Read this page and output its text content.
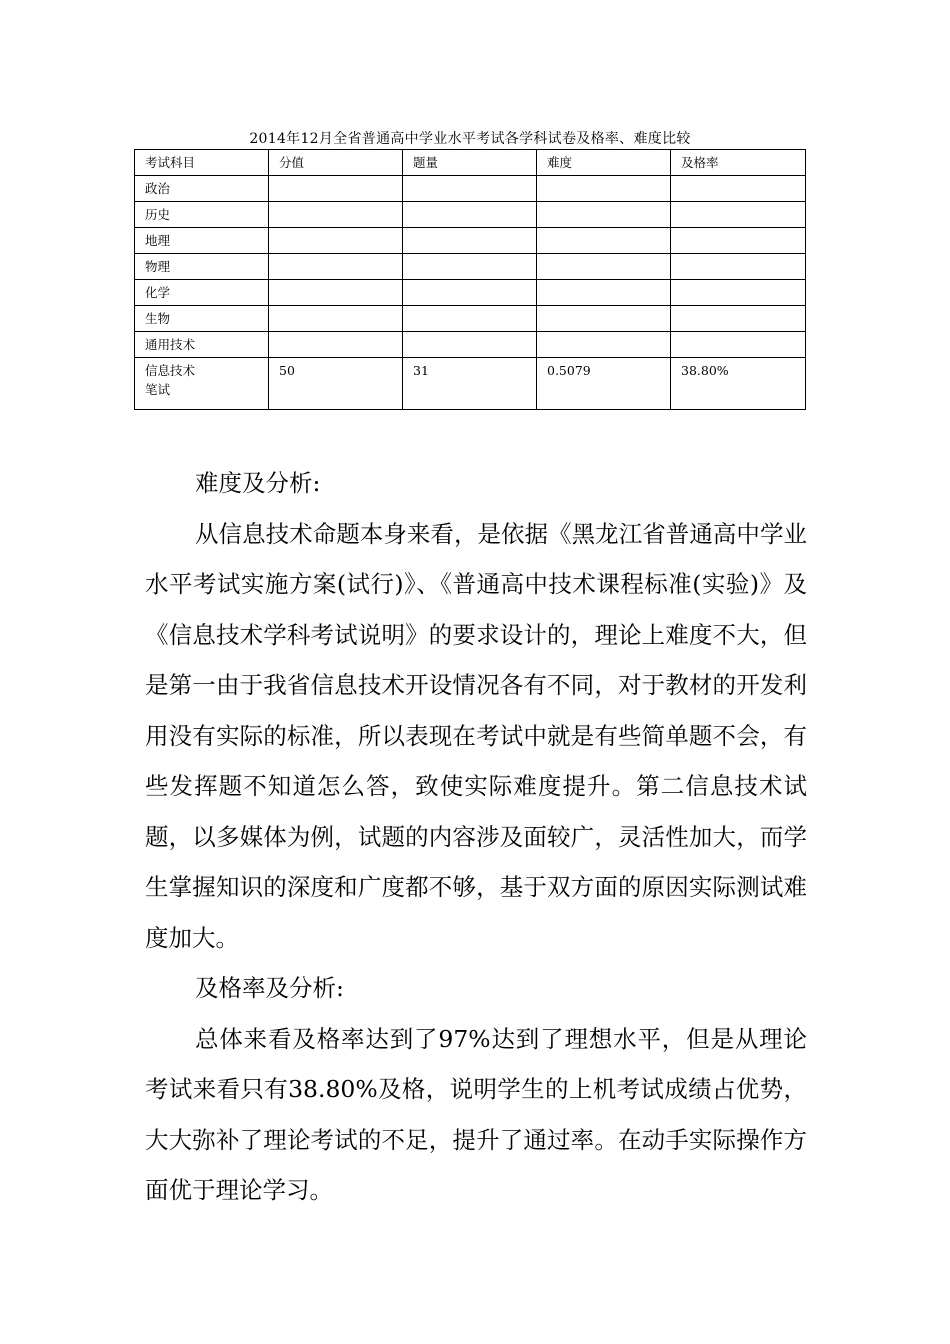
2014年12月全省普通高中学业水平考试各学科试卷及格率、难度比较
考试科目	分值	题量	难度	及格率
政治				
历史				
地理				
物理				
化学				
生物				
通用技术				

信息技术
笔试	50	31	0.5079	38.80%

难度及分析:

从信息技术命题本身来看，是依据《黑龙江省普通高中学业水平考试实施方案(试行)》、《普通高中技术课程标准(实验)》及《信息技术学科考试说明》的要求设计的，理论上难度不大，但是第一由于我省信息技术开设情况各有不同，对于教材的开发利用没有实际的标准，所以表现在考试中就是有些简单题不会，有些发挥题不知道怎么答，致使实际难度提升。第二信息技术试题，以多媒体为例，试题的内容涉及面较广，灵活性加大，而学生掌握知识的深度和广度都不够，基于双方面的原因实际测试难度加大。

及格率及分析:

总体来看及格率达到了97%达到了理想水平，但是从理论考试来看只有38.80%及格，说明学生的上机考试成绩占优势，大大弥补了理论考试的不足，提升了通过率。在动手实际操作方面优于理论学习。
